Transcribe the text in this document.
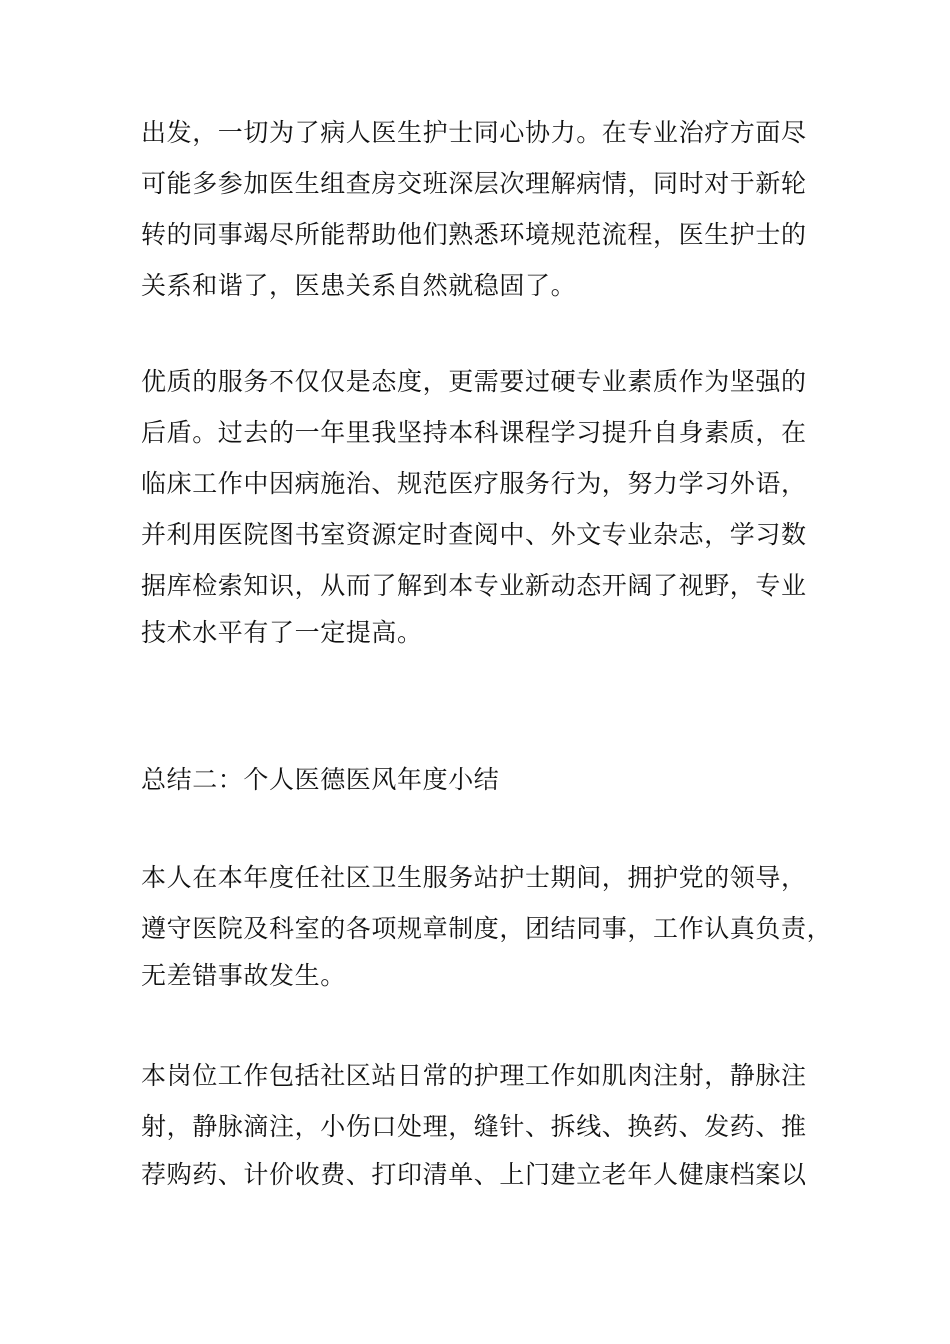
出发，一切为了病人医生护士同心协力。在专业治疗方面尽
可能多参加医生组查房交班深层次理解病情，同时对于新轮
转的同事竭尽所能帮助他们熟悉环境规范流程，医生护士的
关系和谐了，医患关系自然就稳固了。
优质的服务不仅仅是态度，更需要过硬专业素质作为坚强的
后盾。过去的一年里我坚持本科课程学习提升自身素质，在
临床工作中因病施治、规范医疗服务行为，努力学习外语，
并利用医院图书室资源定时查阅中、外文专业杂志，学习数
据库检索知识，从而了解到本专业新动态开阔了视野，专业
技术水平有了一定提高。
总结二：个人医德医风年度小结
本人在本年度任社区卫生服务站护士期间，拥护党的领导，
遵守医院及科室的各项规章制度，团结同事，工作认真负责，
无差错事故发生。
本岗位工作包括社区站日常的护理工作如肌肉注射，静脉注
射，静脉滴注，小伤口处理，缝针、拆线、换药、发药、推
荐购药、计价收费、打印清单、上门建立老年人健康档案以
